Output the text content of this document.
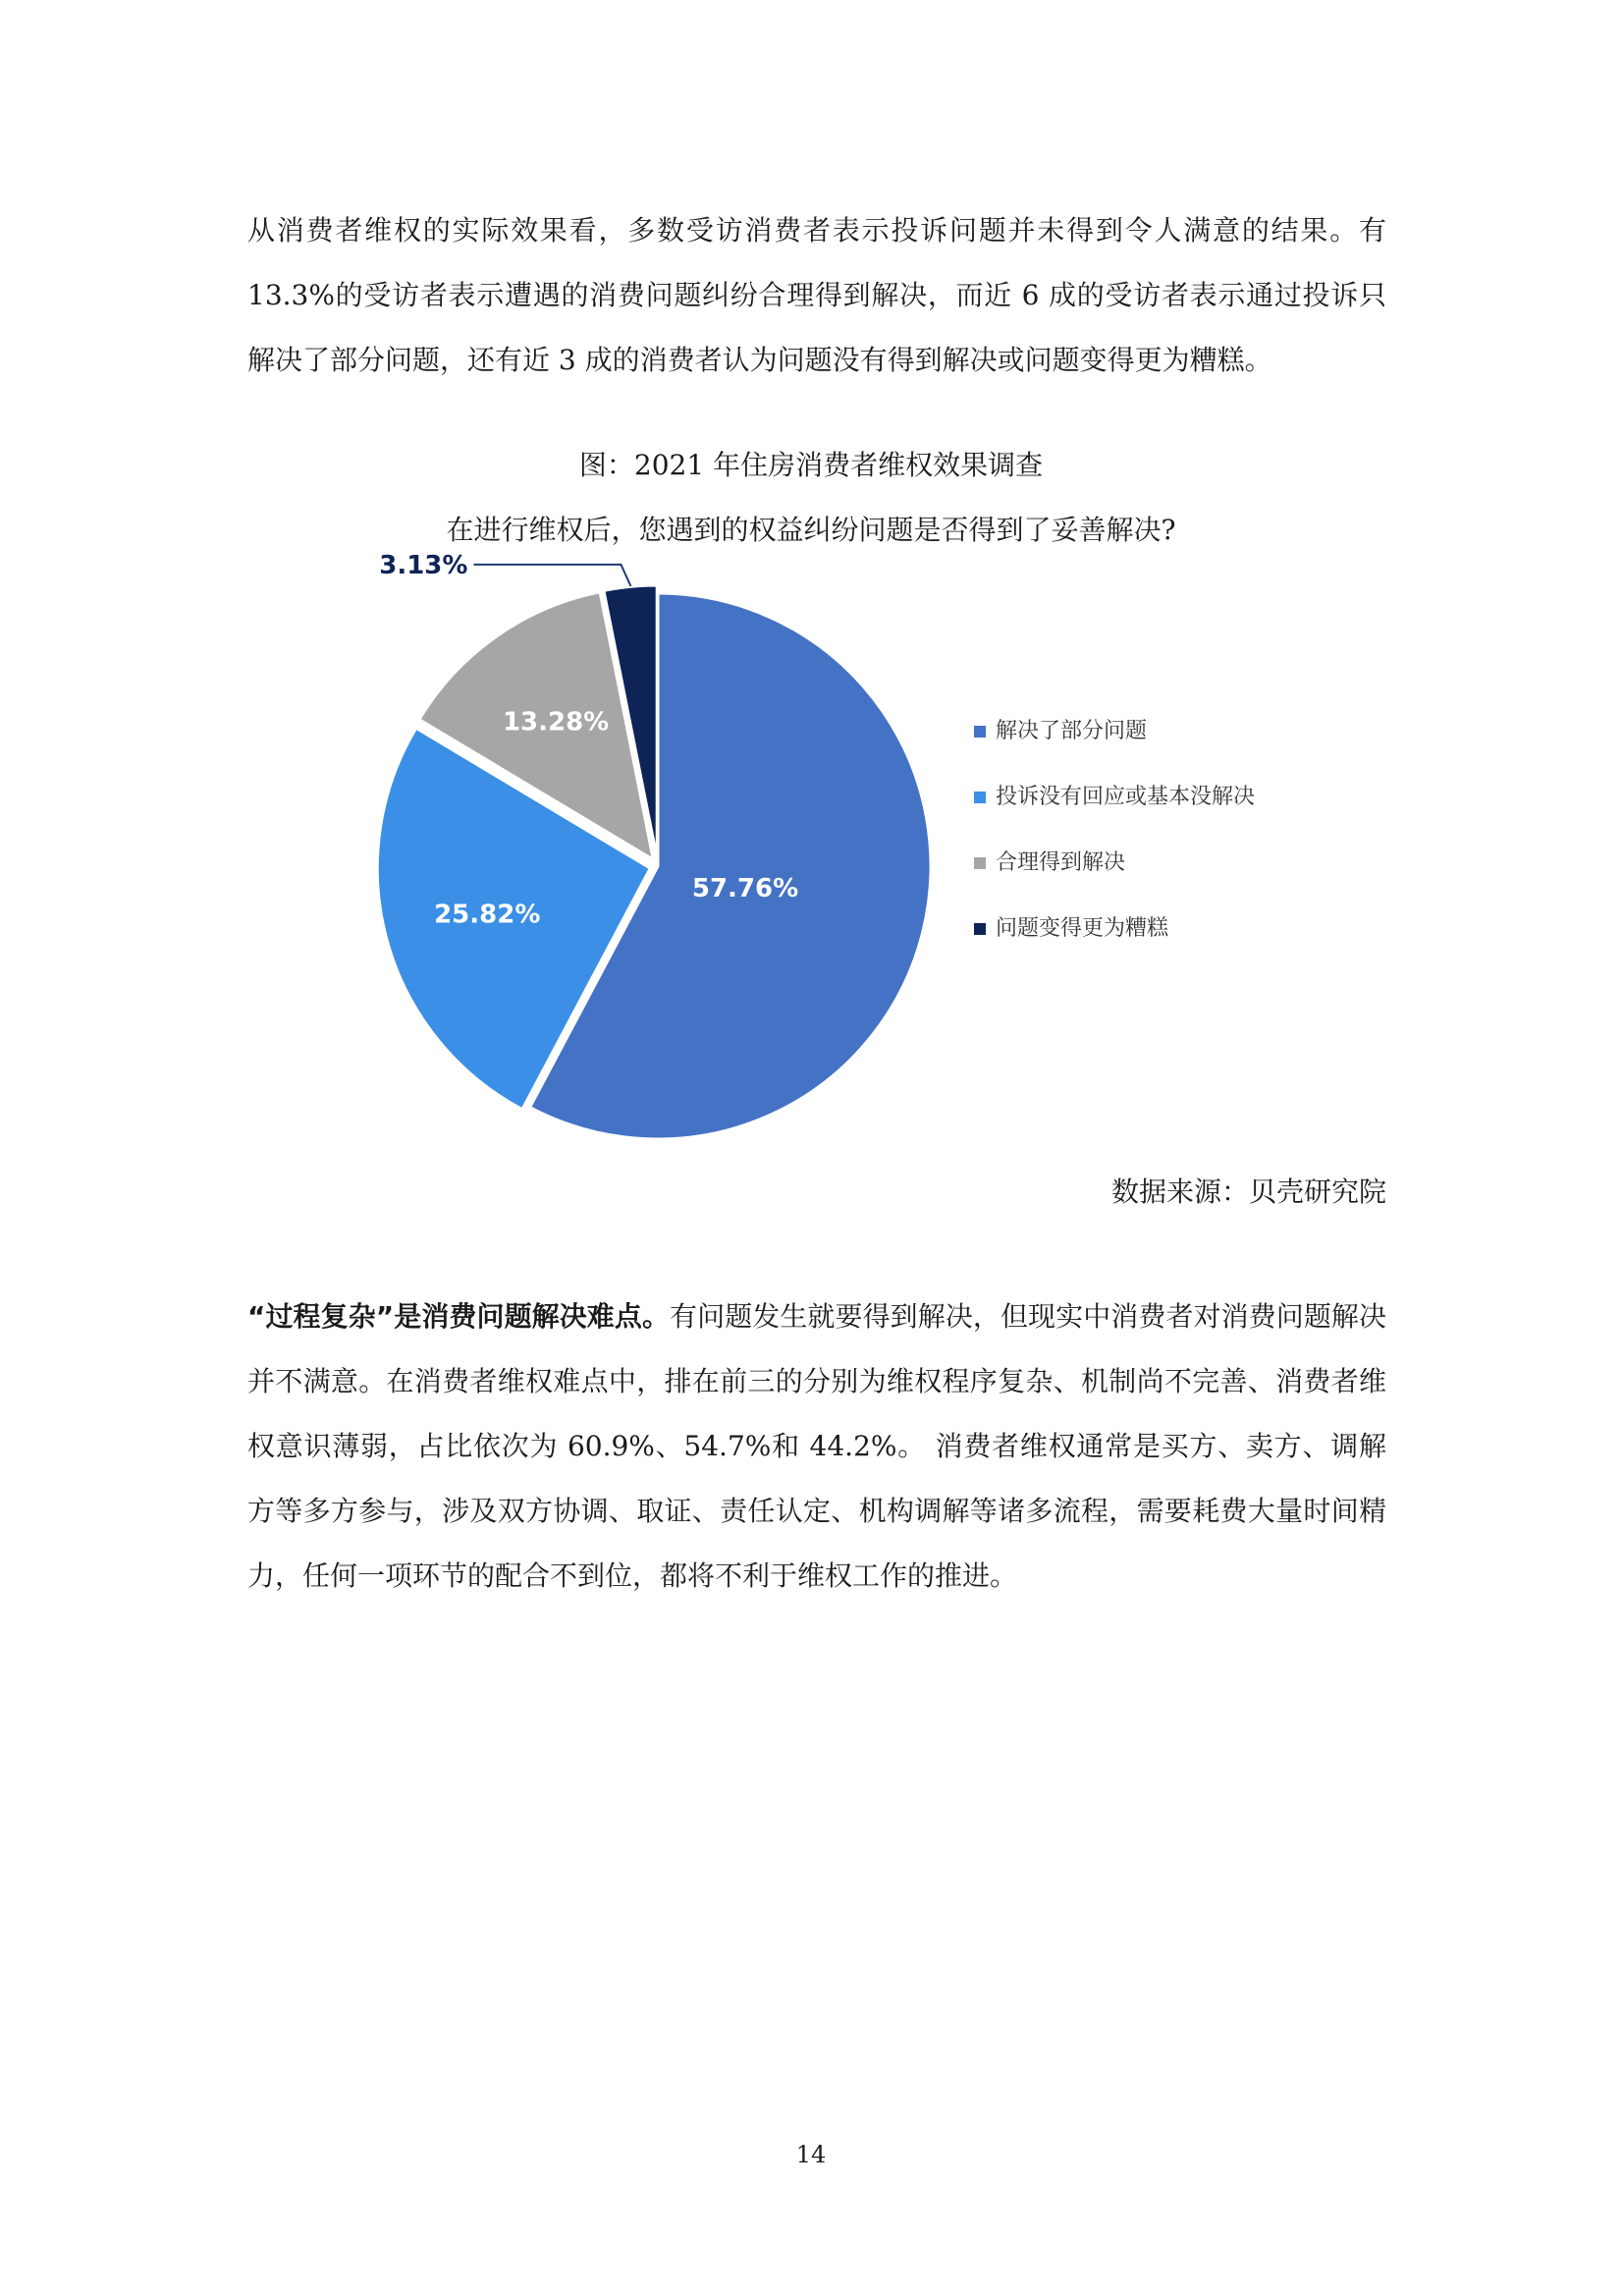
从消费者维权的实际效果看，多数受访消费者表示投诉问题并未得到令人满意的结果。有13.3%的受访者表示遭遇的消费问题纠纷合理得到解决，而近 6 成的受访者表示通过投诉只解决了部分问题，还有近 3 成的消费者认为问题没有得到解决或问题变得更为糟糕。

图：2021 年住房消费者维权效果调查

在进行维权后，您遇到的权益纠纷问题是否得到了妥善解决?

57.76%
25.82%
13.28%
3.13%
解决了部分问题
投诉没有回应或基本没解决
合理得到解决
问题变得更为糟糕

数据来源：贝壳研究院

“过程复杂”是消费问题解决难点。有问题发生就要得到解决，但现实中消费者对消费问题解决并不满意。在消费者维权难点中，排在前三的分别为维权程序复杂、机制尚不完善、消费者维权意识薄弱，占比依次为 60.9%、54.7%和 44.2%。 消费者维权通常是买方、卖方、调解方等多方参与，涉及双方协调、取证、责任认定、机构调解等诸多流程，需要耗费大量时间精力，任何一项环节的配合不到位，都将不利于维权工作的推进。

14
